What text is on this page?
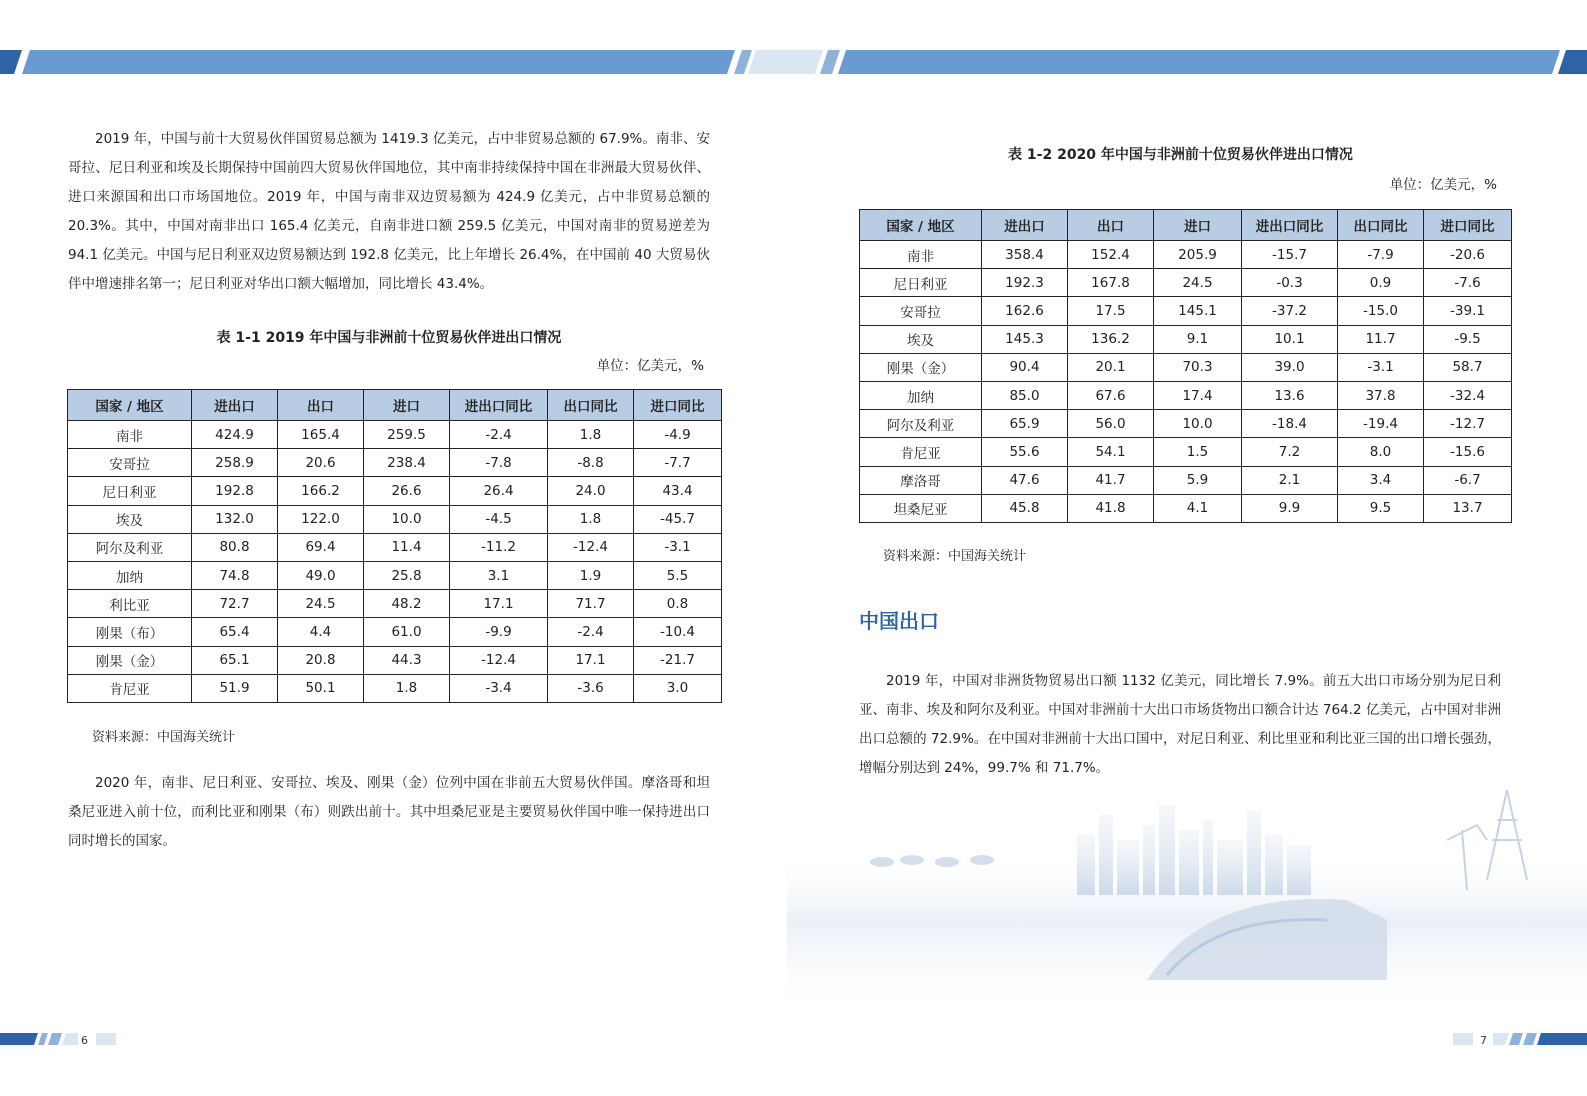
2019 年，中国与前十大贸易伙伴国贸易总额为 1419.3 亿美元，占中非贸易总额的 67.9%。南非、安哥拉、尼日利亚和埃及长期保持中国前四大贸易伙伴国地位，其中南非持续保持中国在非洲最大贸易伙伴、进口来源国和出口市场国地位。2019 年，中国与南非双边贸易额为 424.9 亿美元，占中非贸易总额的 20.3%。其中，中国对南非出口 165.4 亿美元，自南非进口额 259.5 亿美元，中国对南非的贸易逆差为 94.1 亿美元。中国与尼日利亚双边贸易额达到 192.8 亿美元，比上年增长 26.4%，在中国前 40 大贸易伙伴中增速排名第一；尼日利亚对华出口额大幅增加，同比增长 43.4%。

表 1-1 2019 年中国与非洲前十位贸易伙伴进出口情况
单位：亿美元，%
国家 / 地区	进出口	出口	进口	进出口同比	出口同比	进口同比
南非	424.9	165.4	259.5	-2.4	1.8	-4.9
安哥拉	258.9	20.6	238.4	-7.8	-8.8	-7.7
尼日利亚	192.8	166.2	26.6	26.4	24.0	43.4
埃及	132.0	122.0	10.0	-4.5	1.8	-45.7
阿尔及利亚	80.8	69.4	11.4	-11.2	-12.4	-3.1
加纳	74.8	49.0	25.8	3.1	1.9	5.5
利比亚	72.7	24.5	48.2	17.1	71.7	0.8
刚果（布）	65.4	4.4	61.0	-9.9	-2.4	-10.4
刚果（金）	65.1	20.8	44.3	-12.4	17.1	-21.7
肯尼亚	51.9	50.1	1.8	-3.4	-3.6	3.0
资料来源：中国海关统计

2020 年，南非、尼日利亚、安哥拉、埃及、刚果（金）位列中国在非前五大贸易伙伴国。摩洛哥和坦桑尼亚进入前十位，而利比亚和刚果（布）则跌出前十。其中坦桑尼亚是主要贸易伙伴国中唯一保持进出口同时增长的国家。

6
表 1-2 2020 年中国与非洲前十位贸易伙伴进出口情况
单位：亿美元，%
国家 / 地区	进出口	出口	进口	进出口同比	出口同比	进口同比
南非	358.4	152.4	205.9	-15.7	-7.9	-20.6
尼日利亚	192.3	167.8	24.5	-0.3	0.9	-7.6
安哥拉	162.6	17.5	145.1	-37.2	-15.0	-39.1
埃及	145.3	136.2	9.1	10.1	11.7	-9.5
刚果（金）	90.4	20.1	70.3	39.0	-3.1	58.7
加纳	85.0	67.6	17.4	13.6	37.8	-32.4
阿尔及利亚	65.9	56.0	10.0	-18.4	-19.4	-12.7
肯尼亚	55.6	54.1	1.5	7.2	8.0	-15.6
摩洛哥	47.6	41.7	5.9	2.1	3.4	-6.7
坦桑尼亚	45.8	41.8	4.1	9.9	9.5	13.7
资料来源：中国海关统计
中国出口

2019 年，中国对非洲货物贸易出口额 1132 亿美元，同比增长 7.9%。前五大出口市场分别为尼日利亚、南非、埃及和阿尔及利亚。中国对非洲前十大出口市场货物出口额合计达 764.2 亿美元，占中国对非洲出口总额的 72.9%。在中国对非洲前十大出口国中，对尼日利亚、利比里亚和利比亚三国的出口增长强劲，增幅分别达到 24%，99.7% 和 71.7%。

7
